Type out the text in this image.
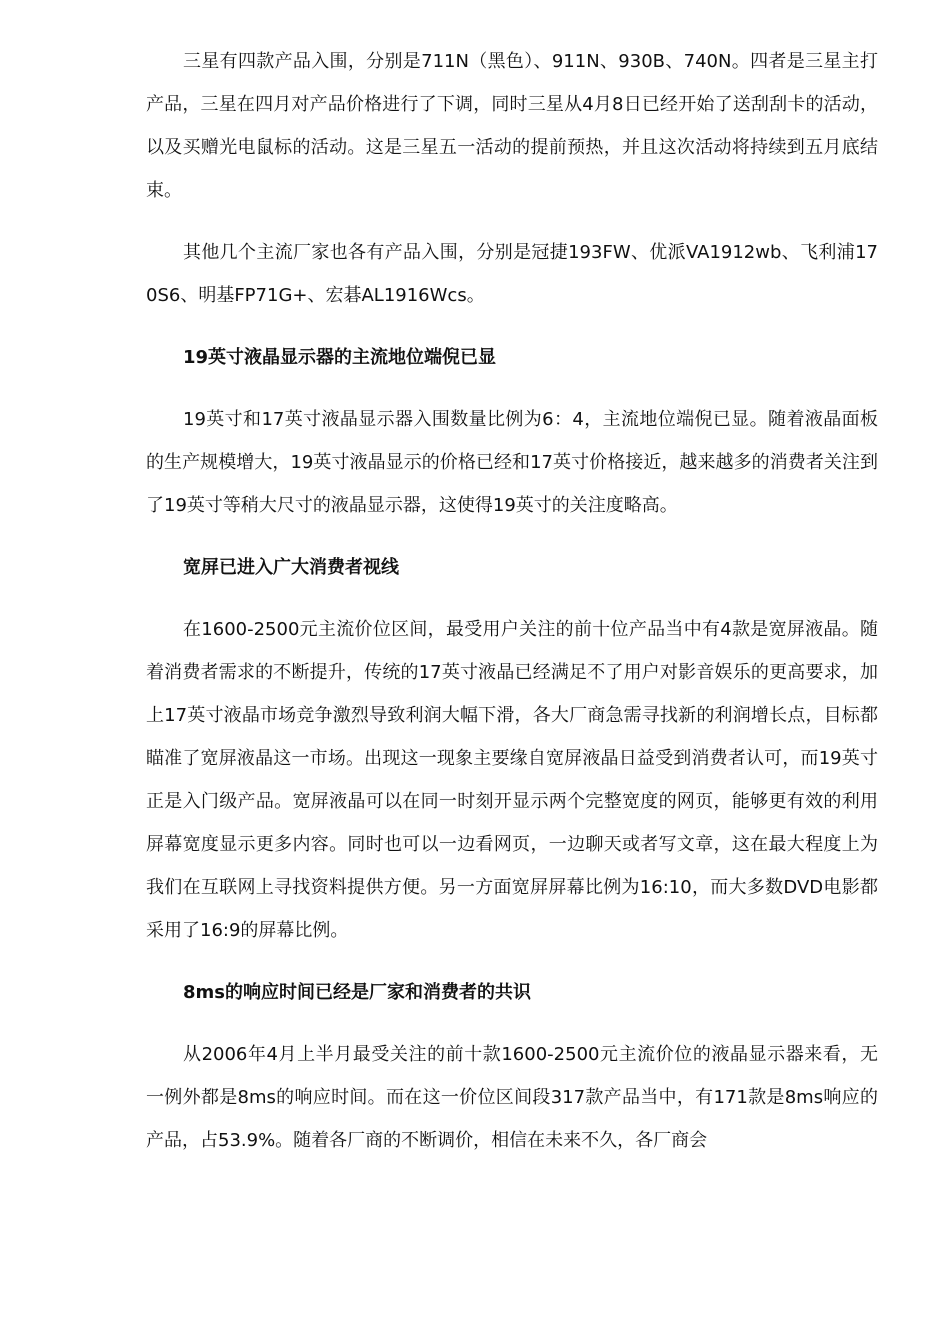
三星有四款产品入围，分别是711N（黑色）、911N、930B、740N。四者是三星主打产品，三星在四月对产品价格进行了下调，同时三星从4月8日已经开始了送刮刮卡的活动，以及买赠光电鼠标的活动。这是三星五一活动的提前预热，并且这次活动将持续到五月底结束。

其他几个主流厂家也各有产品入围，分别是冠捷193FW、优派VA1912wb、飞利浦170S6、明基FP71G+、宏碁AL1916Wcs。

19英寸液晶显示器的主流地位端倪已显

19英寸和17英寸液晶显示器入围数量比例为6：4，主流地位端倪已显。随着液晶面板的生产规模增大，19英寸液晶显示的价格已经和17英寸价格接近，越来越多的消费者关注到了19英寸等稍大尺寸的液晶显示器，这使得19英寸的关注度略高。

宽屏已进入广大消费者视线

在1600-2500元主流价位区间，最受用户关注的前十位产品当中有4款是宽屏液晶。随着消费者需求的不断提升，传统的17英寸液晶已经满足不了用户对影音娱乐的更高要求，加上17英寸液晶市场竞争激烈导致利润大幅下滑，各大厂商急需寻找新的利润增长点，目标都瞄准了宽屏液晶这一市场。出现这一现象主要缘自宽屏液晶日益受到消费者认可，而19英寸正是入门级产品。宽屏液晶可以在同一时刻开显示两个完整宽度的网页，能够更有效的利用屏幕宽度显示更多内容。同时也可以一边看网页，一边聊天或者写文章，这在最大程度上为我们在互联网上寻找资料提供方便。另一方面宽屏屏幕比例为16:10，而大多数DVD电影都采用了16:9的屏幕比例。

8ms的响应时间已经是厂家和消费者的共识

从2006年4月上半月最受关注的前十款1600-2500元主流价位的液晶显示器来看，无一例外都是8ms的响应时间。而在这一价位区间段317款产品当中，有171款是8ms响应的产品，占53.9%。随着各厂商的不断调价，相信在未来不久，各厂商会
